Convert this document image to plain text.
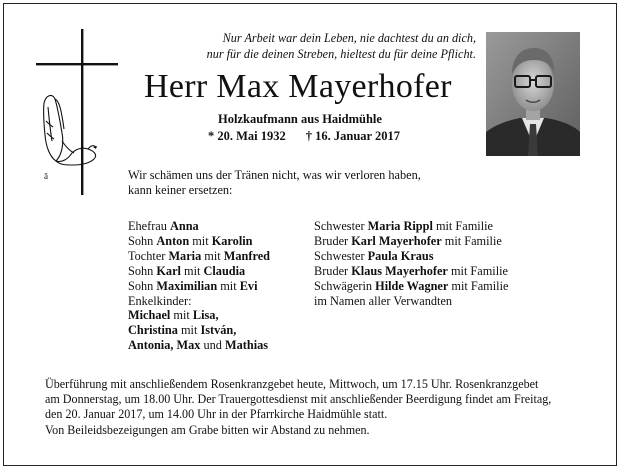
ā
Nur Arbeit war dein Leben, nie dachtest du an dich,
nur für die deinen Streben, hieltest du für deine Pflicht.
Herr Max Mayerhofer
Holzkaufmann aus Haidmühle
* 20. Mai 1932 † 16. Januar 2017
Wir schämen uns der Tränen nicht, was wir verloren haben,
kann keiner ersetzen:
Ehefrau Anna
Sohn Anton mit Karolin
Tochter Maria mit Manfred
Sohn Karl mit Claudia
Sohn Maximilian mit Evi
Enkelkinder:
Michael mit Lisa,
Christina mit István,
Antonia, Max und Mathias
Schwester Maria Rippl mit Familie
Bruder Karl Mayerhofer mit Familie
Schwester Paula Kraus
Bruder Klaus Mayerhofer mit Familie
Schwägerin Hilde Wagner mit Familie
im Namen aller Verwandten
Überführung mit anschließendem Rosenkranzgebet heute, Mittwoch, um 17.15 Uhr. Rosenkranzgebet
am Donnerstag, um 18.00 Uhr. Der Trauergottesdienst mit anschließender Beerdigung findet am Freitag,
den 20. Januar 2017, um 14.00 Uhr in der Pfarrkirche Haidmühle statt.
Von Beileidsbezeigungen am Grabe bitten wir Abstand zu nehmen.
